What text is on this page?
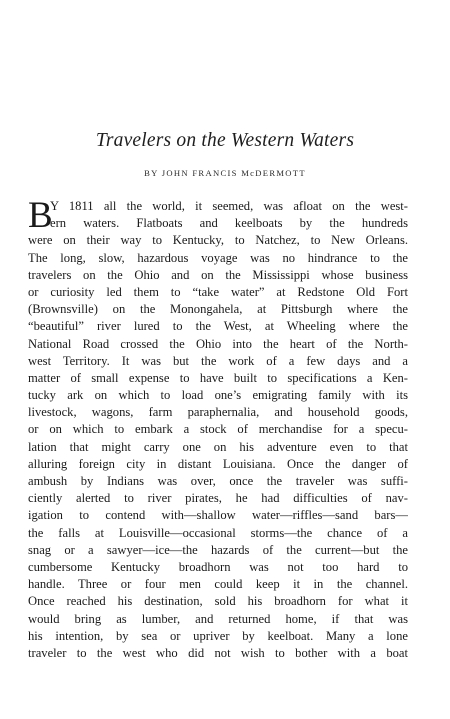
Travelers on the Western Waters
BY JOHN FRANCIS McDERMOTT
B
Y 1811 all the world, it seemed, was afloat on the west-
ern waters. Flatboats and keelboats by the hundreds
were on their way to Kentucky, to Natchez, to New Orleans.
The long, slow, hazardous voyage was no hindrance to the
travelers on the Ohio and on the Mississippi whose business
or curiosity led them to “take water” at Redstone Old Fort
(Brownsville) on the Monongahela, at Pittsburgh where the
“beautiful” river lured to the West, at Wheeling where the
National Road crossed the Ohio into the heart of the North-
west Territory. It was but the work of a few days and a
matter of small expense to have built to specifications a Ken-
tucky ark on which to load one’s emigrating family with its
livestock, wagons, farm paraphernalia, and household goods,
or on which to embark a stock of merchandise for a specu-
lation that might carry one on his adventure even to that
alluring foreign city in distant Louisiana. Once the danger of
ambush by Indians was over, once the traveler was suffi-
ciently alerted to river pirates, he had difficulties of nav-
igation to contend with—shallow water—riffles—sand bars—
the falls at Louisville—occasional storms—the chance of a
snag or a sawyer—ice—the hazards of the current—but the
cumbersome Kentucky broadhorn was not too hard to
handle. Three or four men could keep it in the channel.
Once reached his destination, sold his broadhorn for what it
would bring as lumber, and returned home, if that was
his intention, by sea or upriver by keelboat. Many a lone
traveler to the west who did not wish to bother with a boat
